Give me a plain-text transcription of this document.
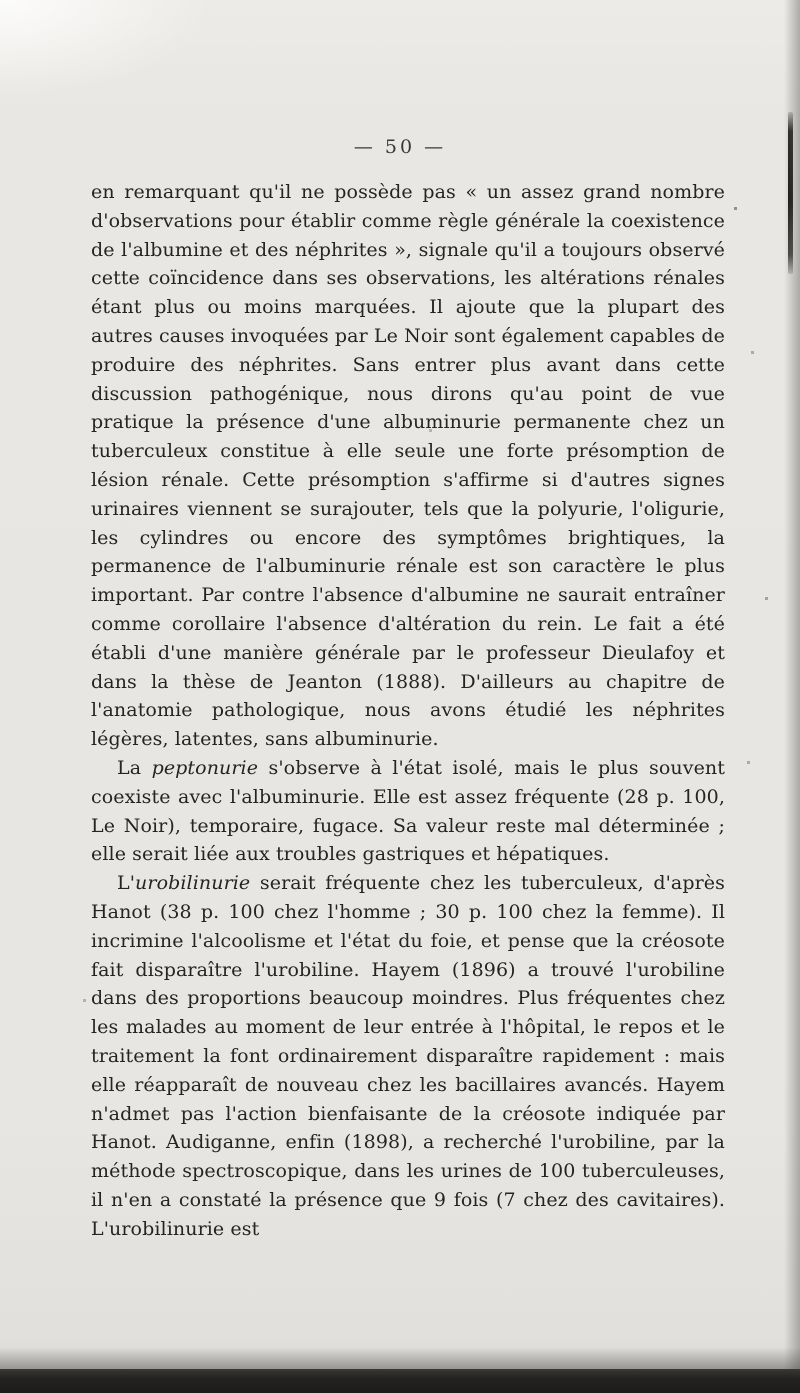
— 50 —

en remarquant qu'il ne possède pas « un assez grand nombre d'observations pour établir comme règle générale la coexistence de l'albumine et des néphrites », signale qu'il a toujours observé cette coïncidence dans ses observations, les altérations rénales étant plus ou moins marquées. Il ajoute que la plupart des autres causes invoquées par Le Noir sont également capables de produire des néphrites. Sans entrer plus avant dans cette discussion pathogénique, nous dirons qu'au point de vue pratique la présence d'une albuminurie permanente chez un tuberculeux constitue à elle seule une forte présomption de lésion rénale. Cette présomption s'affirme si d'autres signes urinaires viennent se surajouter, tels que la polyurie, l'oligurie, les cylindres ou encore des symptômes brightiques, la permanence de l'albuminurie rénale est son caractère le plus important. Par contre l'absence d'albumine ne saurait entraîner comme corollaire l'absence d'altération du rein. Le fait a été établi d'une manière générale par le professeur Dieulafoy et dans la thèse de Jeanton (1888). D'ailleurs au chapitre de l'anatomie pathologique, nous avons étudié les néphrites légères, latentes, sans albuminurie.

La peptonurie s'observe à l'état isolé, mais le plus souvent coexiste avec l'albuminurie. Elle est assez fréquente (28 p. 100, Le Noir), temporaire, fugace. Sa valeur reste mal déterminée ; elle serait liée aux troubles gastriques et hépatiques.

L'urobilinurie serait fréquente chez les tuberculeux, d'après Hanot (38 p. 100 chez l'homme ; 30 p. 100 chez la femme). Il incrimine l'alcoolisme et l'état du foie, et pense que la créosote fait disparaître l'urobiline. Hayem (1896) a trouvé l'urobiline dans des proportions beaucoup moindres. Plus fréquentes chez les malades au moment de leur entrée à l'hôpital, le repos et le traitement la font ordinairement disparaître rapidement : mais elle réapparaît de nouveau chez les bacillaires avancés. Hayem n'admet pas l'action bienfaisante de la créosote indiquée par Hanot. Audiganne, enfin (1898), a recherché l'urobiline, par la méthode spectroscopique, dans les urines de 100 tuberculeuses, il n'en a constaté la présence que 9 fois (7 chez des cavitaires). L'urobilinurie est
